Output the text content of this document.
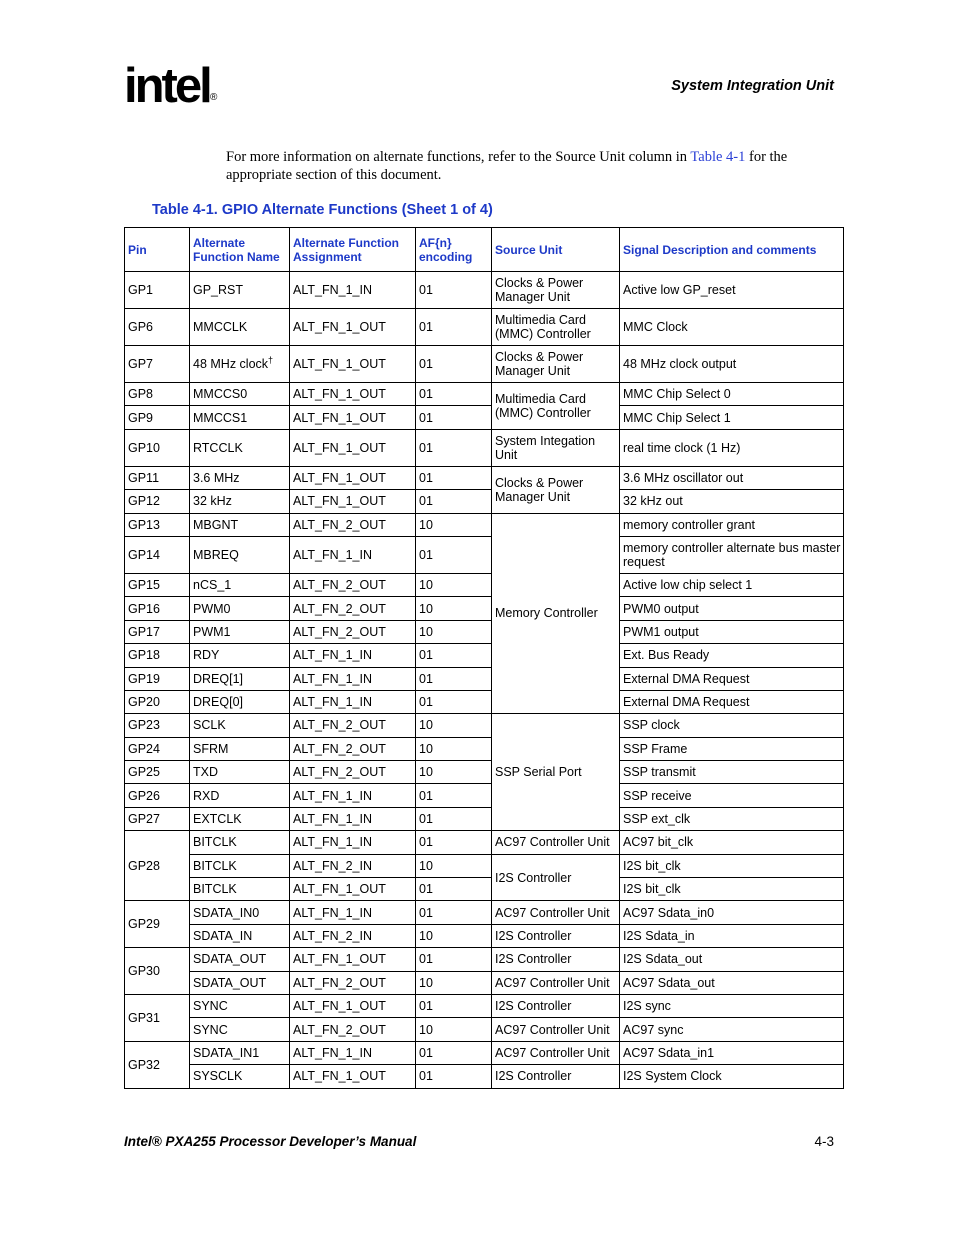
intel ®
System Integration Unit
For more information on alternate functions, refer to the Source Unit column in Table 4-1 for the appropriate section of this document.
Table 4-1. GPIO Alternate Functions (Sheet 1 of 4)
Pin	Alternate Function Name	Alternate Function Assignment	AF{n} encoding	Source Unit	Signal Description and comments
GP1	GP_RST	ALT_FN_1_IN	01	Clocks & Power Manager Unit	Active low GP_reset
GP6	MMCCLK	ALT_FN_1_OUT	01	Multimedia Card (MMC) Controller	MMC Clock
GP7	48 MHz clock†	ALT_FN_1_OUT	01	Clocks & Power Manager Unit	48 MHz clock output
GP8	MMCCS0	ALT_FN_1_OUT	01	Multimedia Card (MMC) Controller	MMC Chip Select 0
GP9	MMCCS1	ALT_FN_1_OUT	01		MMC Chip Select 1
GP10	RTCCLK	ALT_FN_1_OUT	01	System Integation Unit	real time clock (1 Hz)
GP11	3.6 MHz	ALT_FN_1_OUT	01	Clocks & Power Manager Unit	3.6 MHz oscillator out
GP12	32 kHz	ALT_FN_1_OUT	01		32 kHz out
GP13	MBGNT	ALT_FN_2_OUT	10	Memory Controller	memory controller grant
GP14	MBREQ	ALT_FN_1_IN	01		memory controller alternate bus master request
GP15	nCS_1	ALT_FN_2_OUT	10		Active low chip select 1
GP16	PWM0	ALT_FN_2_OUT	10		PWM0 output
GP17	PWM1	ALT_FN_2_OUT	10		PWM1 output
GP18	RDY	ALT_FN_1_IN	01		Ext. Bus Ready
GP19	DREQ[1]	ALT_FN_1_IN	01		External DMA Request
GP20	DREQ[0]	ALT_FN_1_IN	01		External DMA Request
GP23	SCLK	ALT_FN_2_OUT	10	SSP Serial Port	SSP clock
GP24	SFRM	ALT_FN_2_OUT	10		SSP Frame
GP25	TXD	ALT_FN_2_OUT	10		SSP transmit
GP26	RXD	ALT_FN_1_IN	01		SSP receive
GP27	EXTCLK	ALT_FN_1_IN	01		SSP ext_clk
GP28	BITCLK	ALT_FN_1_IN	01	AC97 Controller Unit	AC97 bit_clk
	BITCLK	ALT_FN_2_IN	10	I2S Controller	I2S bit_clk
	BITCLK	ALT_FN_1_OUT	01		I2S bit_clk
GP29	SDATA_IN0	ALT_FN_1_IN	01	AC97 Controller Unit	AC97 Sdata_in0
	SDATA_IN	ALT_FN_2_IN	10	I2S Controller	I2S Sdata_in
GP30	SDATA_OUT	ALT_FN_1_OUT	01	I2S Controller	I2S Sdata_out
	SDATA_OUT	ALT_FN_2_OUT	10	AC97 Controller Unit	AC97 Sdata_out
GP31	SYNC	ALT_FN_1_OUT	01	I2S Controller	I2S sync
	SYNC	ALT_FN_2_OUT	10	AC97 Controller Unit	AC97 sync
GP32	SDATA_IN1	ALT_FN_1_IN	01	AC97 Controller Unit	AC97 Sdata_in1
	SYSCLK	ALT_FN_1_OUT	01	I2S Controller	I2S System Clock
Intel® PXA255 Processor Developer’s Manual	4-3
